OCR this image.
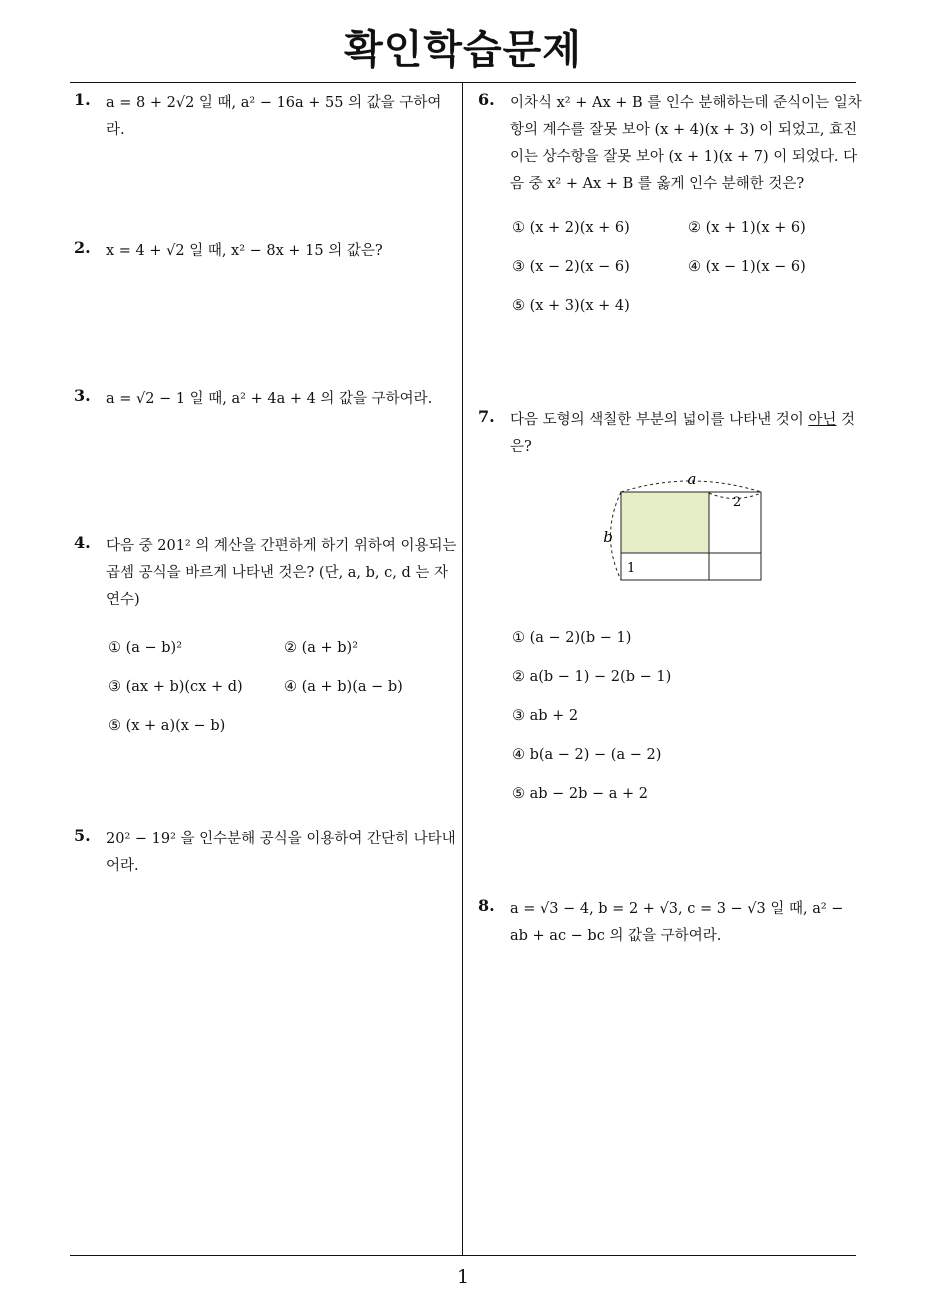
확인학습문제
1
1. a = 8 + 2√2 일 때, a² − 16a + 55 의 값을 구하여라.
2. x = 4 + √2 일 때, x² − 8x + 15 의 값은?
3. a = √2 − 1 일 때, a² + 4a + 4 의 값을 구하여라.
4. 다음 중 201² 의 계산을 간편하게 하기 위하여 이용되는 곱셈 공식을 바르게 나타낸 것은? (단, a, b, c, d 는 자연수)
① (a − b)²	② (a + b)²
③ (ax + b)(cx + d)	④ (a + b)(a − b)
⑤ (x + a)(x − b)
5. 20² − 19² 을 인수분해 공식을 이용하여 간단히 나타내어라.
6. 이차식 x² + Ax + B 를 인수 분해하는데 준식이는 일차항의 계수를 잘못 보아 (x + 4)(x + 3) 이 되었고, 효진이는 상수항을 잘못 보아 (x + 1)(x + 7) 이 되었다. 다음 중 x² + Ax + B 를 옳게 인수 분해한 것은?
① (x + 2)(x + 6)	② (x + 1)(x + 6)
③ (x − 2)(x − 6)	④ (x − 1)(x − 6)
⑤ (x + 3)(x + 4)
7. 다음 도형의 색칠한 부분의 넓이를 나타낸 것이 아닌 것은?
a
b
2
1
① (a − 2)(b − 1)
② a(b − 1) − 2(b − 1)
③ ab + 2
④ b(a − 2) − (a − 2)
⑤ ab − 2b − a + 2
8. a = √3 − 4, b = 2 + √3, c = 3 − √3 일 때, a² − ab + ac − bc 의 값을 구하여라.
